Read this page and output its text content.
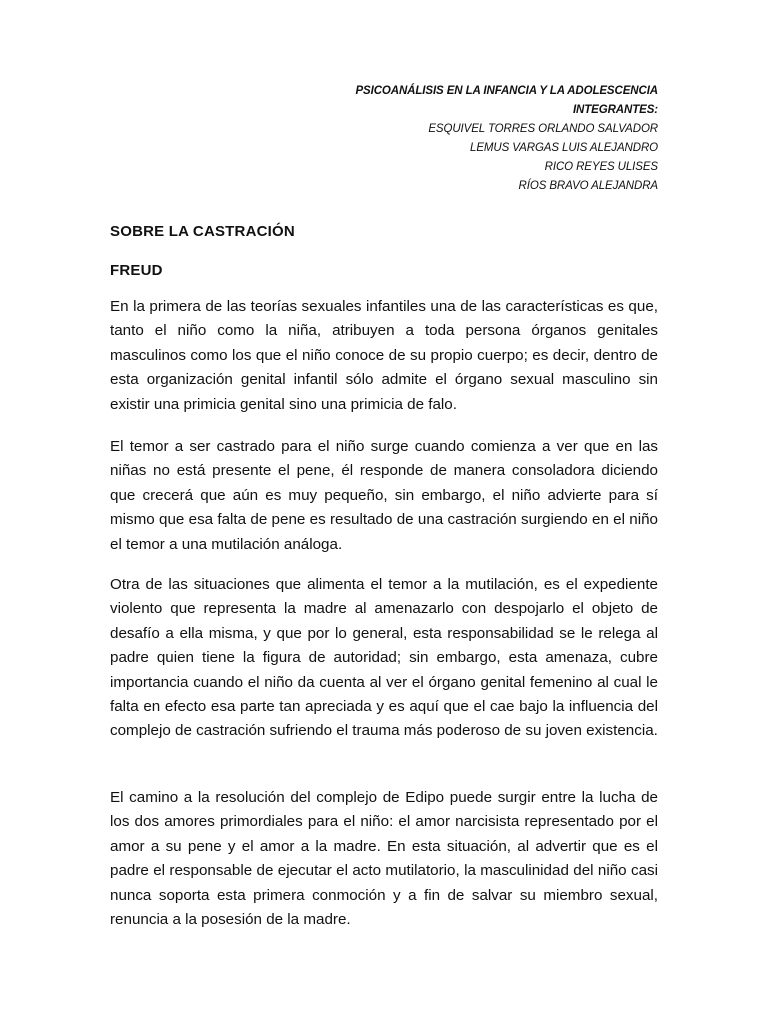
PSICOANÁLISIS EN LA INFANCIA Y LA ADOLESCENCIA
INTEGRANTES:
ESQUIVEL TORRES ORLANDO SALVADOR
LEMUS VARGAS LUIS ALEJANDRO
RICO REYES ULISES
RÍOS BRAVO ALEJANDRA
SOBRE LA CASTRACIÓN
FREUD

En la primera de las teorías sexuales infantiles una de las características es que, tanto el niño como la niña, atribuyen a toda persona órganos genitales masculinos como los que el niño conoce de su propio cuerpo; es decir, dentro de esta organización genital infantil sólo admite el órgano sexual masculino sin existir una primicia genital sino una primicia de falo.

El temor a ser castrado para el niño surge cuando comienza a ver que en las niñas no está presente el pene, él responde de manera consoladora diciendo que crecerá que aún es muy pequeño, sin embargo, el niño advierte para sí mismo que esa falta de pene es resultado de una castración surgiendo en el niño el temor a una mutilación análoga.

Otra de las situaciones que alimenta el temor a la mutilación, es el expediente violento que representa la madre al amenazarlo con despojarlo el objeto de desafío a ella misma, y que por lo general, esta responsabilidad se le relega al padre quien tiene la figura de autoridad; sin embargo, esta amenaza, cubre importancia cuando el niño da cuenta al ver el órgano genital femenino al cual le falta en efecto esa parte tan apreciada y es aquí que el cae bajo la influencia del complejo de castración sufriendo el trauma más poderoso de su joven existencia.

El camino a la resolución del complejo de Edipo puede surgir entre la lucha de los dos amores primordiales para el niño: el amor narcisista representado por el amor a su pene y el amor a la madre. En esta situación, al advertir que es el padre el responsable de ejecutar el acto mutilatorio, la masculinidad del niño casi nunca soporta esta primera conmoción y a fin de salvar su miembro sexual, renuncia a la posesión de la madre.
